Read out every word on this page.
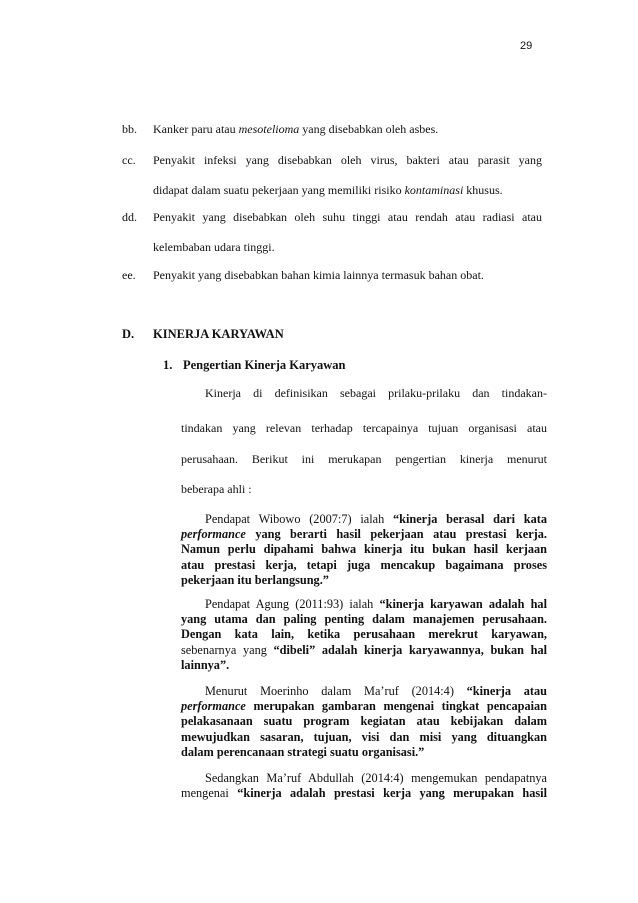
29
bb. Kanker paru atau mesotelioma yang disebabkan oleh asbes.
cc. Penyakit infeksi yang disebabkan oleh virus, bakteri atau parasit yang
didapat dalam suatu pekerjaan yang memiliki risiko kontaminasi khusus.
dd. Penyakit yang disebabkan oleh suhu tinggi atau rendah atau radiasi atau
kelembaban udara tinggi.
ee. Penyakit yang disebabkan bahan kimia lainnya termasuk bahan obat.
D. KINERJA KARYAWAN
1. Pengertian Kinerja Karyawan
Kinerja di definisikan sebagai prilaku-prilaku dan tindakan-
tindakan yang relevan terhadap tercapainya tujuan organisasi atau
perusahaan. Berikut ini merukapan pengertian kinerja menurut
beberapa ahli :
Pendapat Wibowo (2007:7) ialah “kinerja berasal dari kata
performance yang berarti hasil pekerjaan atau prestasi kerja.
Namun perlu dipahami bahwa kinerja itu bukan hasil kerjaan
atau prestasi kerja, tetapi juga mencakup bagaimana proses
pekerjaan itu berlangsung.”
Pendapat Agung (2011:93) ialah “kinerja karyawan adalah hal
yang utama dan paling penting dalam manajemen perusahaan.
Dengan kata lain, ketika perusahaan merekrut karyawan,
sebenarnya yang “dibeli” adalah kinerja karyawannya, bukan hal
lainnya”.
Menurut Moerinho dalam Ma’ruf (2014:4) “kinerja atau
performance merupakan gambaran mengenai tingkat pencapaian
pelakasanaan suatu program kegiatan atau kebijakan dalam
mewujudkan sasaran, tujuan, visi dan misi yang dituangkan
dalam perencanaan strategi suatu organisasi.”
Sedangkan Ma’ruf Abdullah (2014:4) mengemukan pendapatnya
mengenai “kinerja adalah prestasi kerja yang merupakan hasil
